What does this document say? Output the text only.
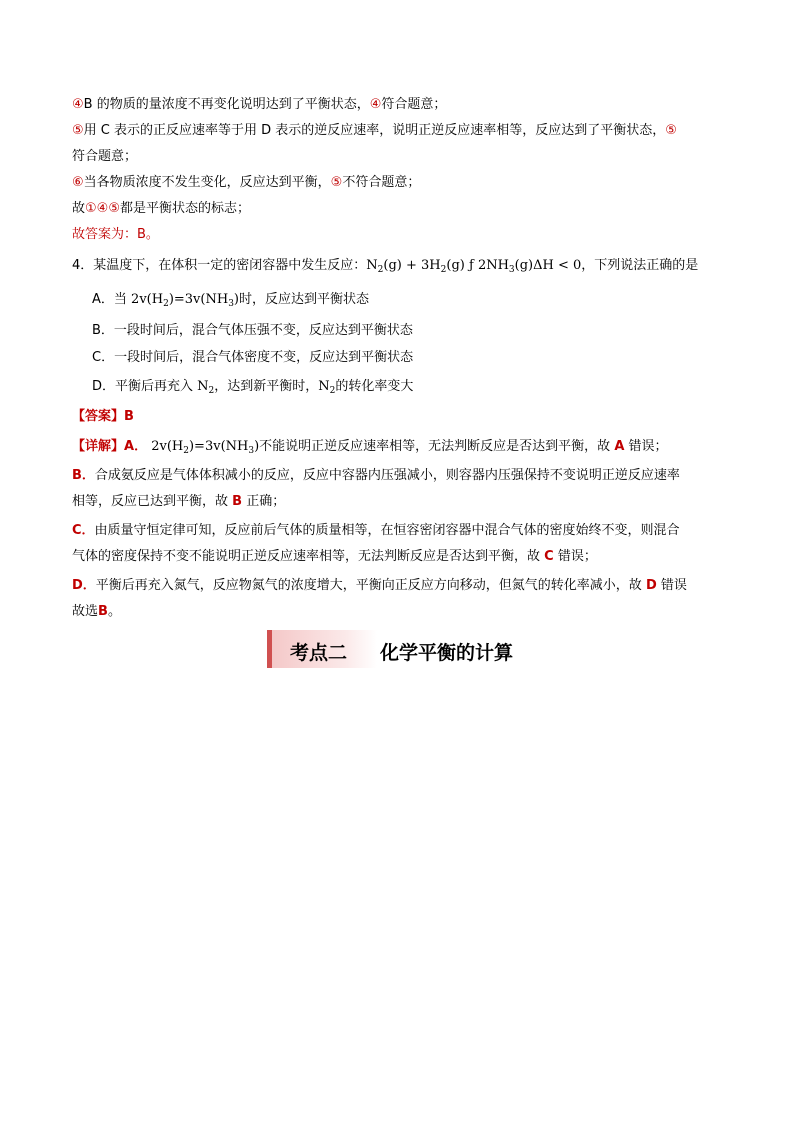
④B 的物质的量浓度不再变化说明达到了平衡状态，④符合题意；
⑤用 C 表示的正反应速率等于用 D 表示的逆反应速率，说明正逆反应速率相等，反应达到了平衡状态，⑤
符合题意；
⑥当各物质浓度不发生变化，反应达到平衡，⑤不符合题意；
故①④⑤都是平衡状态的标志；
故答案为：B。
4．某温度下，在体积一定的密闭容器中发生反应：$N_2(g) + 3H_2(g)$ ƒ $2NH_3(g)\Delta H < 0$，下列说法正确的是
A．当 $2v(H_2)=3v(NH_3)$时，反应达到平衡状态
B．一段时间后，混合气体压强不变，反应达到平衡状态
C．一段时间后，混合气体密度不变，反应达到平衡状态
D．平衡后再充入 $N_2$，达到新平衡时，$N_2$的转化率变大
【答案】B
【详解】A． $2v(H_2)=3v(NH_3)$不能说明正逆反应速率相等，无法判断反应是否达到平衡，故 A 错误；
B．合成氨反应是气体体积减小的反应，反应中容器内压强减小，则容器内压强保持不变说明正逆反应速率
相等，反应已达到平衡，故 B 正确；
C．由质量守恒定律可知，反应前后气体的质量相等，在恒容密闭容器中混合气体的密度始终不变，则混合
气体的密度保持不变不能说明正逆反应速率相等，无法判断反应是否达到平衡，故 C 错误；
D．平衡后再充入氮气，反应物氮气的浓度增大，平衡向正反应方向移动，但氮气的转化率减小，故 D 错误
故选B。
考点二 化学平衡的计算
